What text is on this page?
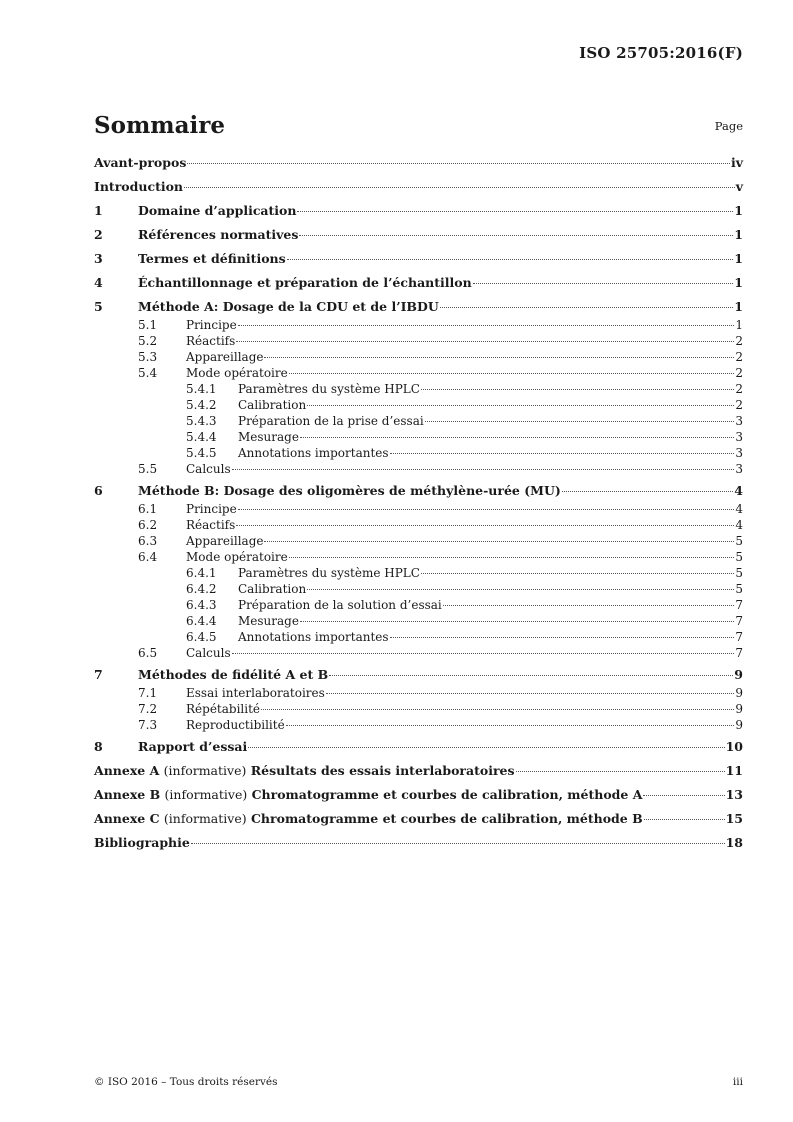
ISO 25705:2016(F)
Sommaire	Page
Avant-propos	iv
Introduction	v
1	Domaine d’application	1
2	Références normatives	1
3	Termes et définitions	1
4	Échantillonnage et préparation de l’échantillon	1
5	Méthode A: Dosage de la CDU et de l’IBDU	1
5.1	Principe	1
5.2	Réactifs	2
5.3	Appareillage	2
5.4	Mode opératoire	2
5.4.1	Paramètres du système HPLC	2
5.4.2	Calibration	2
5.4.3	Préparation de la prise d’essai	3
5.4.4	Mesurage	3
5.4.5	Annotations importantes	3
5.5	Calculs	3
6	Méthode B: Dosage des oligomères de méthylène-urée (MU)	4
6.1	Principe	4
6.2	Réactifs	4
6.3	Appareillage	5
6.4	Mode opératoire	5
6.4.1	Paramètres du système HPLC	5
6.4.2	Calibration	5
6.4.3	Préparation de la solution d’essai	7
6.4.4	Mesurage	7
6.4.5	Annotations importantes	7
6.5	Calculs	7
7	Méthodes de fidélité A et B	9
7.1	Essai interlaboratoires	9
7.2	Répétabilité	9
7.3	Reproductibilité	9
8	Rapport d’essai	10
Annexe A (informative) Résultats des essais interlaboratoires	11
Annexe B (informative) Chromatogramme et courbes de calibration, méthode A	13
Annexe C (informative) Chromatogramme et courbes de calibration, méthode B	15
Bibliographie	18
© ISO 2016 – Tous droits réservés	iii
